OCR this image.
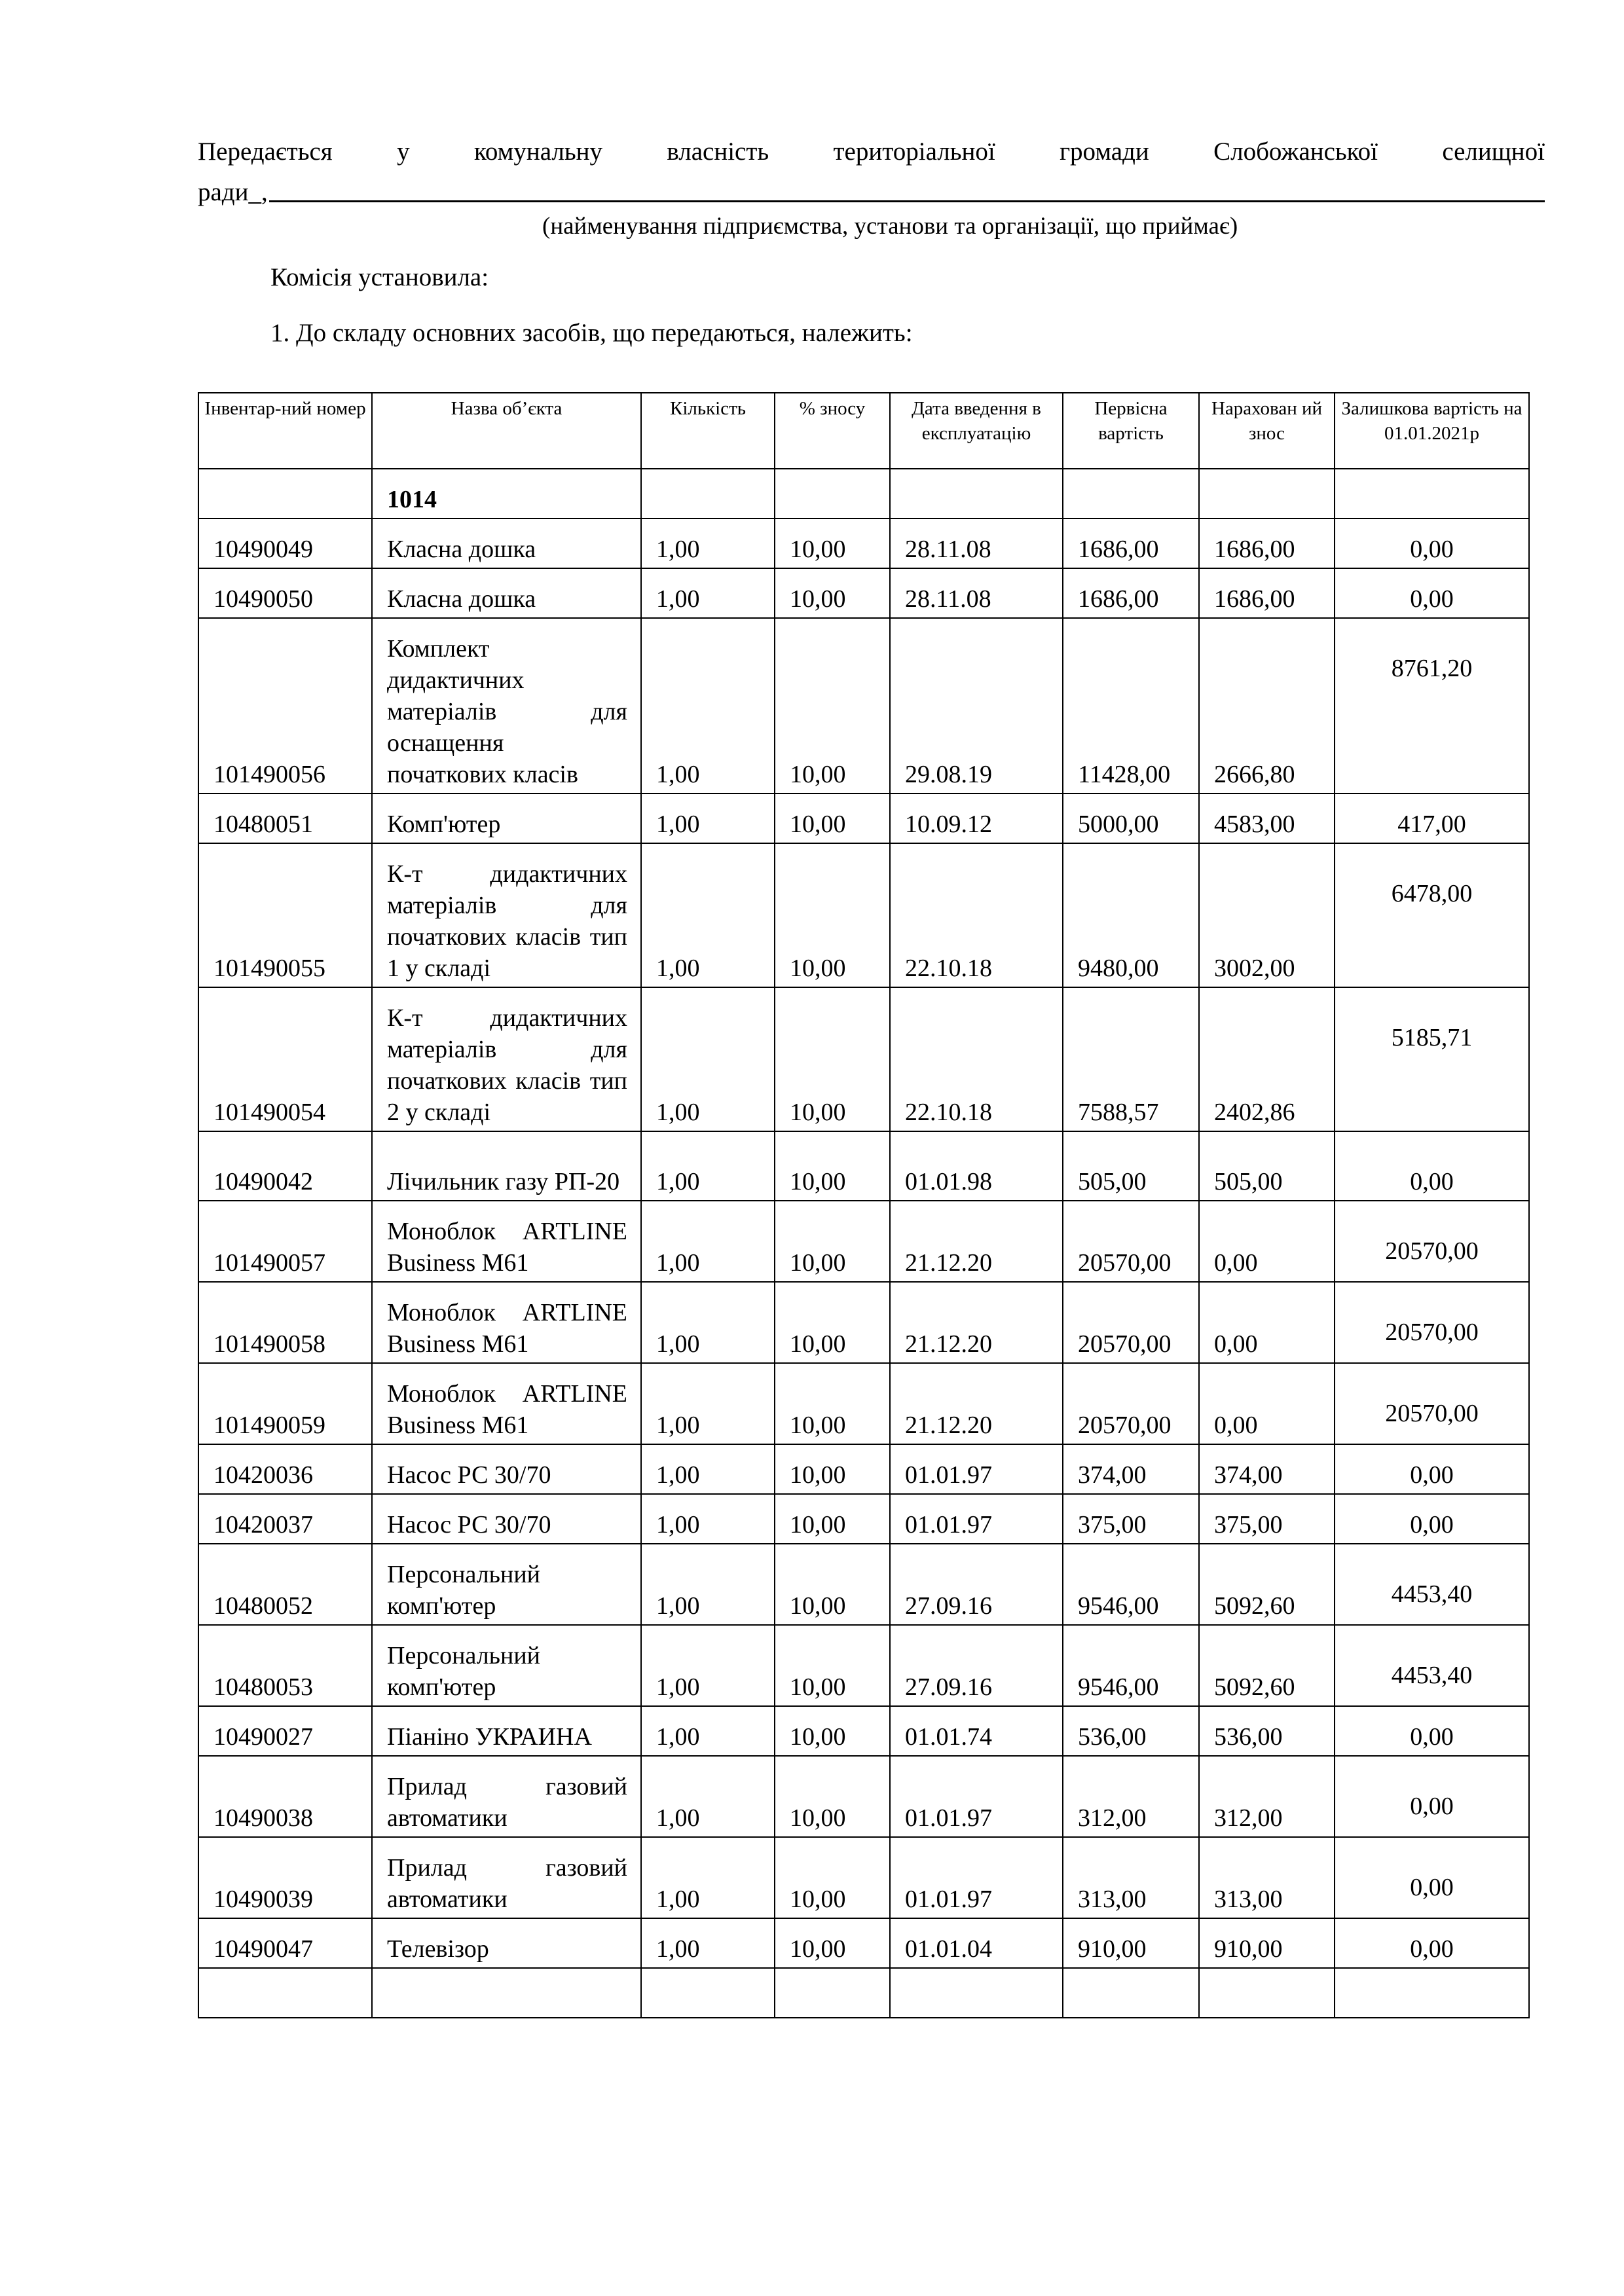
Передається у комунальну власність територіальної громади Слобожанської селищної
ради_,
(найменування підприємства, установи та організації, що приймає)
Комісія установила:
1. До складу основних засобів, що передаються, належить:
Інвентар-ний номер	Назва об’єкта	Кількість	% зносу	Дата введення в експлуатацію	Первісна вартість	Нарахован ий знос	Залишкова вартість на 01.01.2021р
	1014						
10490049	Класна дошка	1,00	10,00	28.11.08	1686,00	1686,00	0,00
10490050	Класна дошка	1,00	10,00	28.11.08	1686,00	1686,00	0,00
101490056	Комплект дидактичних матеріалів для оснащення початкових класів	1,00	10,00	29.08.19	11428,00	2666,80	8761,20
10480051	Комп'ютер	1,00	10,00	10.09.12	5000,00	4583,00	417,00
101490055	К-т дидактичних матеріалів для початкових класів тип 1 у складі	1,00	10,00	22.10.18	9480,00	3002,00	6478,00
101490054	К-т дидактичних матеріалів для початкових класів тип 2 у складі	1,00	10,00	22.10.18	7588,57	2402,86	5185,71
10490042	Лічильник газу РП-20	1,00	10,00	01.01.98	505,00	505,00	0,00
101490057	Моноблок ARTLINE Business M61	1,00	10,00	21.12.20	20570,00	0,00	20570,00
101490058	Моноблок ARTLINE Business M61	1,00	10,00	21.12.20	20570,00	0,00	20570,00
101490059	Моноблок ARTLINE Business M61	1,00	10,00	21.12.20	20570,00	0,00	20570,00
10420036	Насос РС 30/70	1,00	10,00	01.01.97	374,00	374,00	0,00
10420037	Насос РС 30/70	1,00	10,00	01.01.97	375,00	375,00	0,00
10480052	Персональний комп'ютер	1,00	10,00	27.09.16	9546,00	5092,60	4453,40
10480053	Персональний комп'ютер	1,00	10,00	27.09.16	9546,00	5092,60	4453,40
10490027	Піаніно УКРАИНА	1,00	10,00	01.01.74	536,00	536,00	0,00
10490038	Прилад газовий автоматики	1,00	10,00	01.01.97	312,00	312,00	0,00
10490039	Прилад газовий автоматики	1,00	10,00	01.01.97	313,00	313,00	0,00
10490047	Телевізор	1,00	10,00	01.01.04	910,00	910,00	0,00
